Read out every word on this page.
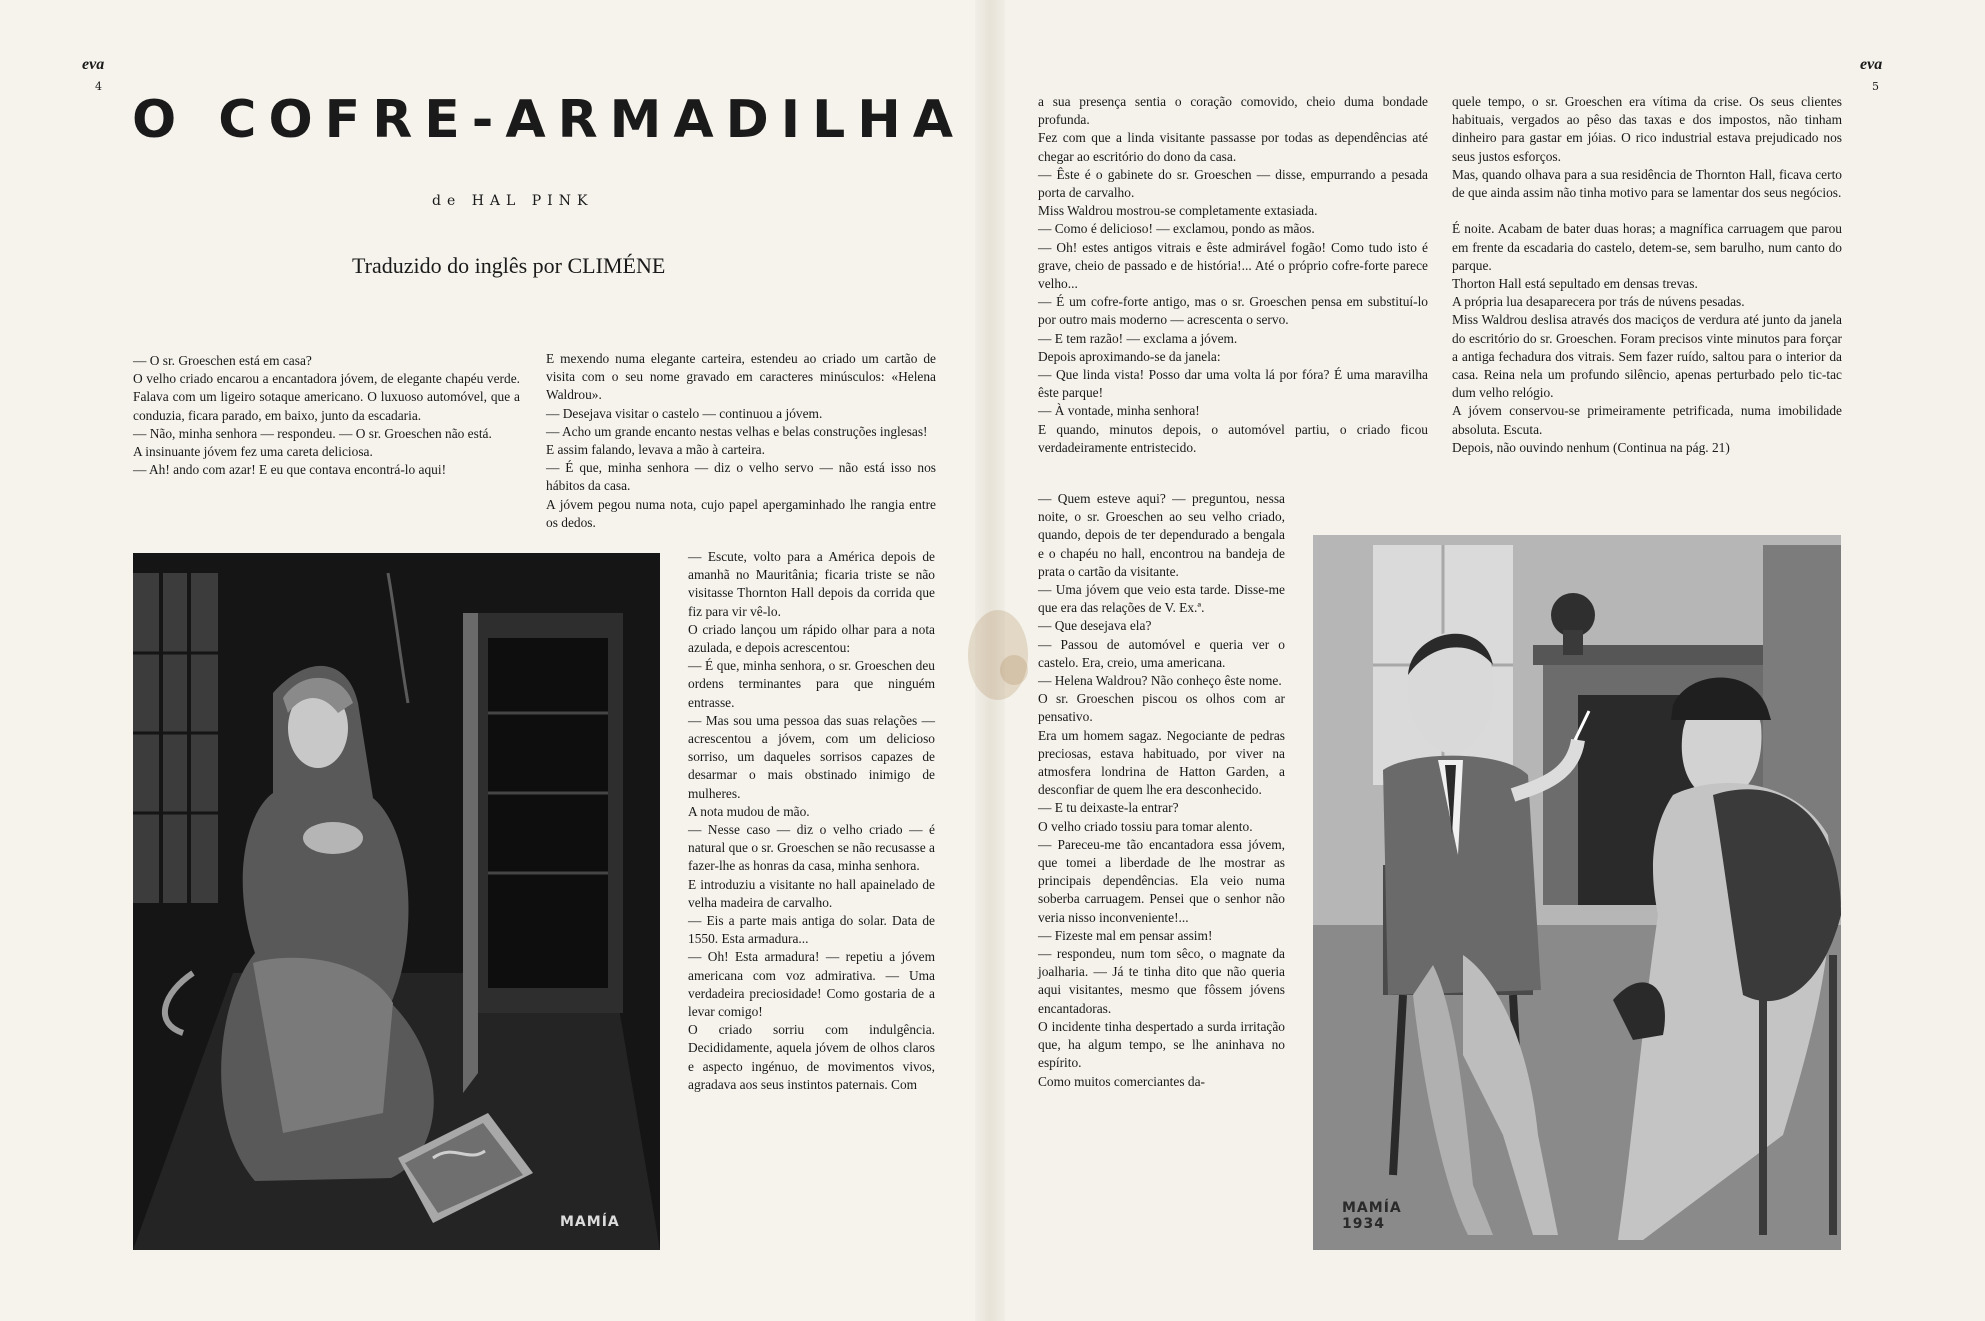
eva
4
O COFRE-ARMADILHA
de HAL PINK
Traduzido do inglês por CLIMÉNE

— O sr. Groeschen está em casa?
O velho criado encarou a encantadora jóvem, de elegante chapéu verde. Falava com um ligeiro sotaque americano. O luxuoso automóvel, que a conduzia, ficara parado, em baixo, junto da escadaria.
— Não, minha senhora — respondeu. — O sr. Groeschen não está.
A insinuante jóvem fez uma careta deliciosa.
— Ah! ando com azar! E eu que contava encontrá-lo aqui!

E mexendo numa elegante carteira, estendeu ao criado um cartão de visita com o seu nome gravado em caracteres minúsculos: «Helena Waldrou».
— Desejava visitar o castelo — continuou a jóvem.
— Acho um grande encanto nestas velhas e belas construções inglesas!
E assim falando, levava a mão à carteira.
— É que, minha senhora — diz o velho servo — não está isso nos hábitos da casa.
A jóvem pegou numa nota, cujo papel apergaminhado lhe rangia entre os dedos.

MAMÍA

— Escute, volto para a América depois de amanhã no Mauritânia; ficaria triste se não visitasse Thornton Hall depois da corrida que fiz para vir vê-lo.
O criado lançou um rápido olhar para a nota azulada, e depois acrescentou:
— É que, minha senhora, o sr. Groeschen deu ordens terminantes para que ninguém entrasse.
— Mas sou uma pessoa das suas relações — acrescentou a jóvem, com um delicioso sorriso, um daqueles sorrisos capazes de desarmar o mais obstinado inimigo de mulheres.
A nota mudou de mão.
— Nesse caso — diz o velho criado — é natural que o sr. Groeschen se não recusasse a fazer-lhe as honras da casa, minha senhora.
E introduziu a visitante no hall apainelado de velha madeira de carvalho.
— Eis a parte mais antiga do solar. Data de 1550. Esta armadura...
— Oh! Esta armadura! — repetiu a jóvem americana com voz admirativa. — Uma verdadeira preciosidade! Como gostaria de a levar comigo!
O criado sorriu com indulgência. Decididamente, aquela jóvem de olhos claros e aspecto ingénuo, de movimentos vivos, agradava aos seus instintos paternais. Com

eva
5

a sua presença sentia o coração comovido, cheio duma bondade profunda.
Fez com que a linda visitante passasse por todas as dependências até chegar ao escritório do dono da casa.
— Êste é o gabinete do sr. Groeschen — disse, empurrando a pesada porta de carvalho.
Miss Waldrou mostrou-se completamente extasiada.
— Como é delicioso! — exclamou, pondo as mãos.
— Oh! estes antigos vitrais e êste admirável fogão! Como tudo isto é grave, cheio de passado e de história!... Até o próprio cofre-forte parece velho...
— É um cofre-forte antigo, mas o sr. Groeschen pensa em substituí-lo por outro mais moderno — acrescenta o servo.
— E tem razão! — exclama a jóvem.
Depois aproximando-se da janela:
— Que linda vista! Posso dar uma volta lá por fóra? É uma maravilha êste parque!
— À vontade, minha senhora!
E quando, minutos depois, o automóvel partiu, o criado ficou verdadeiramente entristecido.

— Quem esteve aqui? — preguntou, nessa noite, o sr. Groeschen ao seu velho criado, quando, depois de ter dependurado a bengala e o chapéu no hall, encontrou na bandeja de prata o cartão da visitante.
— Uma jóvem que veio esta tarde. Disse-me que era das relações de V. Ex.ª.
— Que desejava ela?
— Passou de automóvel e queria ver o castelo. Era, creio, uma americana.
— Helena Waldrou? Não conheço êste nome.
O sr. Groeschen piscou os olhos com ar pensativo.
Era um homem sagaz. Negociante de pedras preciosas, estava habituado, por viver na atmosfera londrina de Hatton Garden, a desconfiar de quem lhe era desconhecido.
— E tu deixaste-la entrar?
O velho criado tossiu para tomar alento.
— Pareceu-me tão encantadora essa jóvem, que tomei a liberdade de lhe mostrar as principais dependências. Ela veio numa soberba carruagem. Pensei que o senhor não veria nisso inconveniente!...
— Fizeste mal em pensar assim!
— respondeu, num tom sêco, o magnate da joalharia. — Já te tinha dito que não queria aqui visitantes, mesmo que fôssem jóvens encantadoras.
O incidente tinha despertado a surda irritação que, ha algum tempo, se lhe aninhava no espírito.
Como muitos comerciantes da-

quele tempo, o sr. Groeschen era vítima da crise. Os seus clientes habituais, vergados ao pêso das taxas e dos impostos, não tinham dinheiro para gastar em jóias. O rico industrial estava prejudicado nos seus justos esforços.
Mas, quando olhava para a sua residência de Thornton Hall, ficava certo de que ainda assim não tinha motivo para se lamentar dos seus negócios.

É noite. Acabam de bater duas horas; a magnífica carruagem que parou em frente da escadaria do castelo, detem-se, sem barulho, num canto do parque.
Thorton Hall está sepultado em densas trevas.
A própria lua desaparecera por trás de núvens pesadas.
Miss Waldrou deslisa através dos maciços de verdura até junto da janela do escritório do sr. Groeschen. Foram precisos vinte minutos para forçar a antiga fechadura dos vitrais. Sem fazer ruído, saltou para o interior da casa. Reina nela um profundo silêncio, apenas perturbado pelo tic-tac dum velho relógio.
A jóvem conservou-se primeiramente petrificada, numa imobilidade absoluta. Escuta.
Depois, não ouvindo nenhum (Continua na pág. 21)

MAMÍA
1934
